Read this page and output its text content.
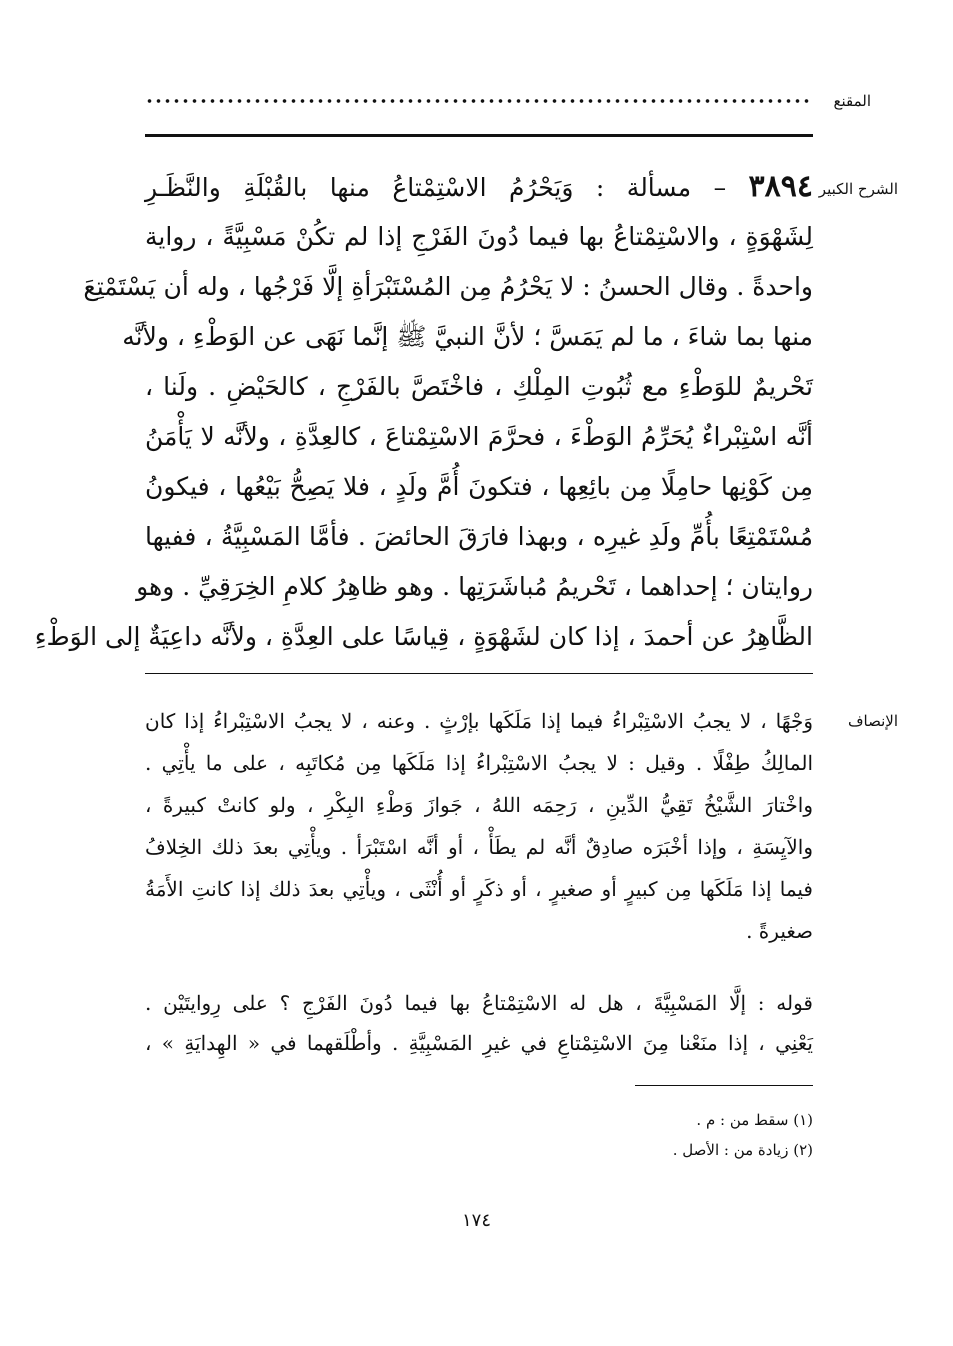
المقنع
الشرح الكبير
٣٨٩٤ – مسألة : وَيَحْرُمُ الاسْتِمْتاعُ منها بالقُبْلَةِ والنَّظَـرِ
لِشَهْوَةٍ ، والاسْتِمْتاعُ بها فيما دُونَ الفَرْجِ إذا لم تكُنْ مَسْبِيَّةً ، رواية
واحدةً . وقال الحسنُ : لا يَحْرُمُ مِن المُسْتَبْرَأةِ إلَّا فَرْجُها ، وله أن يَسْتَمْتِعَ
منها بما شاءَ ، ما لم يَمَسَّ ؛ لأنَّ النبيَّ ﷺ إنَّما نَهَى عن الوَطْءِ ، ولأنَّه
تَحْريمٌ للوَطْءِ مع ثُبُوتِ المِلْكِ ، فاخْتَصَّ بالفَرْجِ ، كالحَيْضِ . ولَنا ،
أنَّه اسْتِبْراءٌ يُحَرِّمُ الوَطْءَ ، فحرَّمَ الاسْتِمْتاعَ ، كالعِدَّةِ ، ولأنَّه لا يَأْمَنُ
مِن كَوْنِها حامِلًا مِن بائِعِها ، فتكونَ أُمَّ ولَدٍ ، فلا يَصِحُّ بَيْعُها ، فيكونُ
مُسْتَمْتِعًا بأُمِّ ولَدِ غيرِه ، وبهذا فارَقَ الحائضَ . فأمَّا المَسْبِيَّةُ ، ففيها
روايتان ؛ إحداهما ، تَحْريمُ مُباشَرَتِها . وهو ظاهِرُ كلامِ الخِرَقِيِّ . وهو
الظَّاهِرُ عن أحمدَ ، إذا كان لشَهْوَةٍ ، قِياسًا على العِدَّةِ ، ولأنَّه داعِيَةٌ إلى الوَطْءِ
الإنصاف
وَجْهًا ، لا يجبُ الاسْتِبْراءُ فيما إذا مَلَكَها بإرْثٍ . وعنه ، لا يجبُ الاسْتِبْراءُ إذا كان
المالِكُ طِفْلًا . وقيل : لا يجبُ الاسْتِبْراءُ إذا مَلَكَها مِن مُكاتَبِه ، على ما يأْتِي .
واخْتارَ الشَّيْخُ تَقِيُّ الدِّينِ ، رَحِمَه اللهُ ، جَوازَ وَطْءِ البِكْرِ ، ولو كانتْ كبيرةً ،
والآيِسَةِ ، وإذا أخْبَرَه صادِقٌ أنَّه لم يطَأْ ، أو أنَّه اسْتَبْرَأ . ويأْتِي بعدَ ذلك الخِلافُ
فيما إذا مَلَكَها مِن كبيرٍ أو صغيرٍ ، أو ذكَرٍ أو أُنْثَى ، ويأْتِي بعدَ ذلك إذا كانتِ الأَمَةُ
صغيرةً .
قوله : إلَّا المَسْبِيَّةَ ، هل له الاسْتِمْتاعُ بها فيما دُونَ الفَرْجِ ؟ على رِوايتَيْن .
يَعْنِي ، إذا منَعْنا مِنَ الاسْتِمْتاعِ في غيرِ المَسْبِيَّةِ . وأطْلَقهما في « الهِدايَةِ » ،
(١) سقط من : م .
(٢) زيادة من : الأصل .
١٧٤
